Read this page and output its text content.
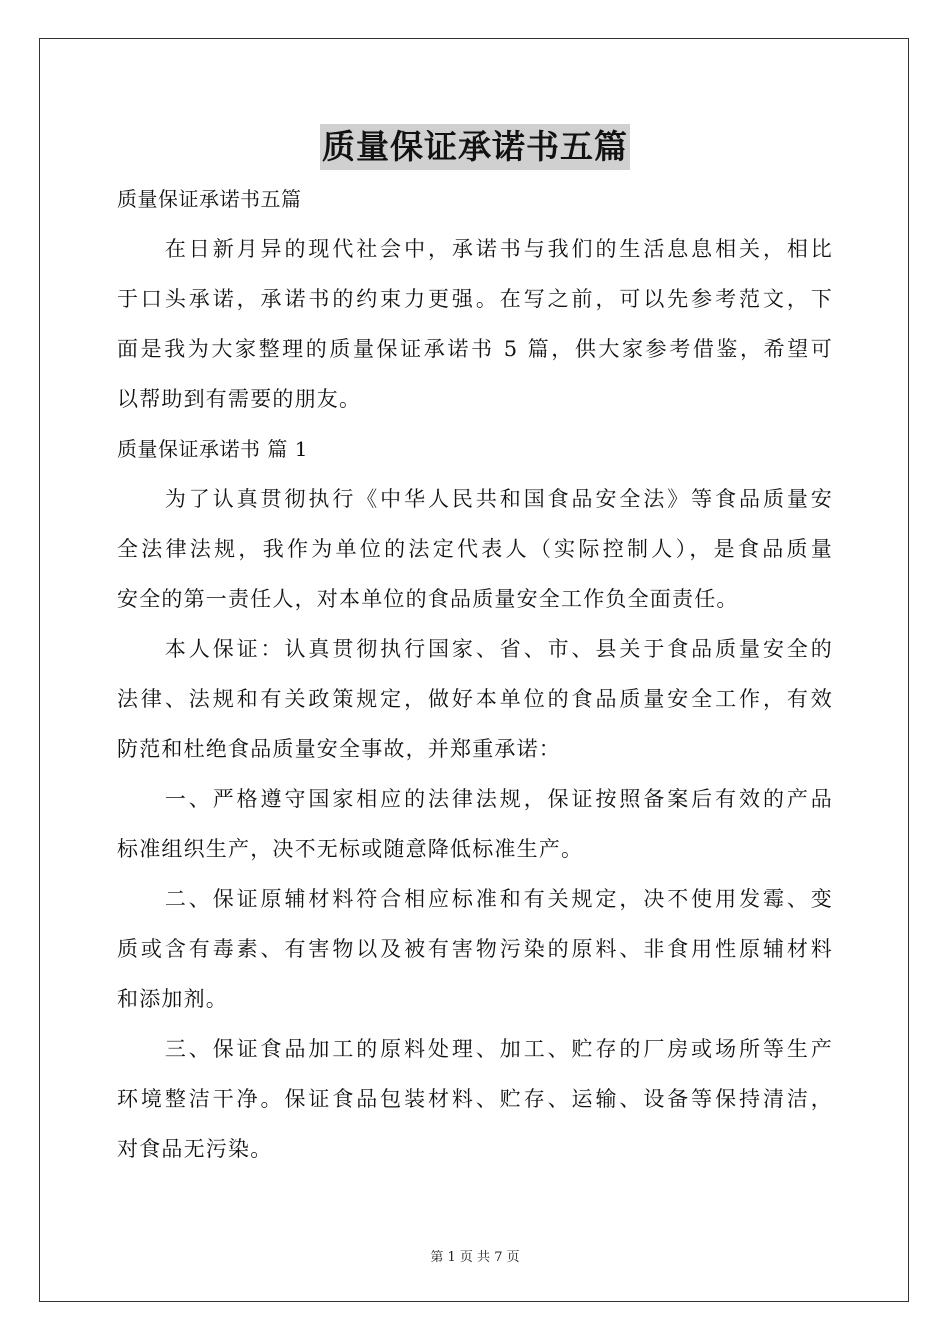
质量保证承诺书五篇
质量保证承诺书五篇
　　在日新月异的现代社会中，承诺书与我们的生活息息相关，相比
于口头承诺，承诺书的约束力更强。在写之前，可以先参考范文，下
面是我为大家整理的质量保证承诺书 5 篇，供大家参考借鉴，希望可
以帮助到有需要的朋友。
质量保证承诺书 篇 1
　　为了认真贯彻执行《中华人民共和国食品安全法》等食品质量安
全法律法规，我作为单位的法定代表人（实际控制人），是食品质量
安全的第一责任人，对本单位的食品质量安全工作负全面责任。
　　本人保证：认真贯彻执行国家、省、市、县关于食品质量安全的
法律、法规和有关政策规定，做好本单位的食品质量安全工作，有效
防范和杜绝食品质量安全事故，并郑重承诺：
　　一、严格遵守国家相应的法律法规，保证按照备案后有效的产品
标准组织生产，决不无标或随意降低标准生产。
　　二、保证原辅材料符合相应标准和有关规定，决不使用发霉、变
质或含有毒素、有害物以及被有害物污染的原料、非食用性原辅材料
和添加剂。
　　三、保证食品加工的原料处理、加工、贮存的厂房或场所等生产
环境整洁干净。保证食品包装材料、贮存、运输、设备等保持清洁，
对食品无污染。
第 1 页 共 7 页
